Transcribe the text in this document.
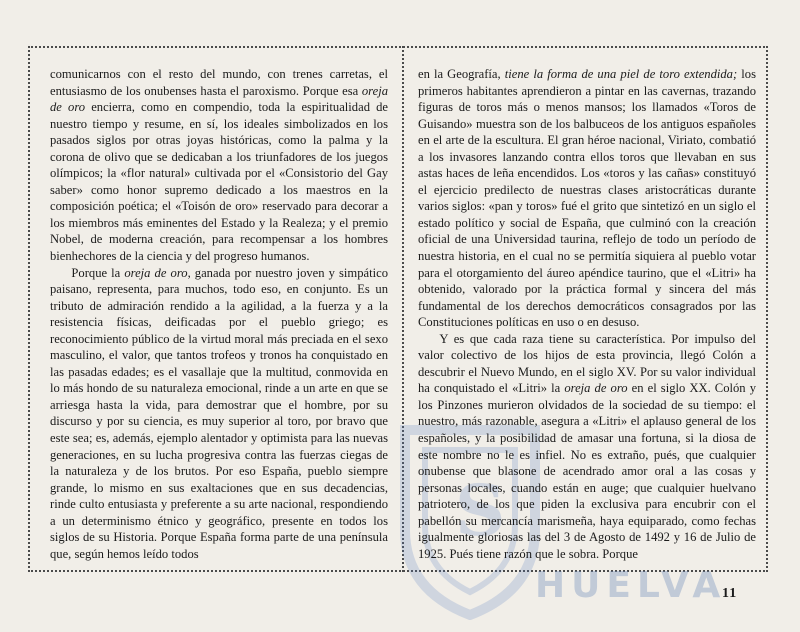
S
HUELVA

comunicarnos con el resto del mundo, con trenes carretas, el entusiasmo de los onubenses hasta el paroxismo. Porque esa oreja de oro encierra, como en compendio, toda la espiritualidad de nuestro tiempo y resume, en sí, los ideales simbolizados en los pasados siglos por otras joyas históricas, como la palma y la corona de olivo que se dedicaban a los triunfadores de los juegos olímpicos; la «flor natural» cultivada por el «Consistorio del Gay saber» como honor supremo dedicado a los maestros en la composición poética; el «Toisón de oro» reservado para decorar a los miembros más eminentes del Estado y la Realeza; y el premio Nobel, de moderna creación, para recompensar a los hombres bienhechores de la ciencia y del progreso humanos.

Porque la oreja de oro, ganada por nuestro joven y simpático paisano, representa, para muchos, todo eso, en conjunto. Es un tributo de admiración rendido a la agilidad, a la fuerza y a la resistencia físicas, deificadas por el pueblo griego; es reconocimiento público de la virtud moral más preciada en el sexo masculino, el valor, que tantos trofeos y tronos ha conquistado en las pasadas edades; es el vasallaje que la multitud, conmovida en lo más hondo de su naturaleza emocional, rinde a un arte en que se arriesga hasta la vida, para demostrar que el hombre, por su discurso y por su ciencia, es muy superior al toro, por bravo que este sea; es, además, ejemplo alentador y optimista para las nuevas generaciones, en su lucha progresiva contra las fuerzas ciegas de la naturaleza y de los brutos. Por eso España, pueblo siempre grande, lo mismo en sus exaltaciones que en sus decadencias, rinde culto entusiasta y preferente a su arte nacional, respondiendo a un determinismo étnico y geográfico, presente en todos los siglos de su Historia. Porque España forma parte de una península que, según hemos leído todos

en la Geografía, tiene la forma de una piel de toro extendida; los primeros habitantes aprendieron a pintar en las cavernas, trazando figuras de toros más o menos mansos; los llamados «Toros de Guisando» muestra son de los balbuceos de los antiguos españoles en el arte de la escultura. El gran héroe nacional, Viriato, combatió a los invasores lanzando contra ellos toros que llevaban en sus astas haces de leña encendidos. Los «toros y las cañas» constituyó el ejercicio predilecto de nuestras clases aristocráticas durante varios siglos: «pan y toros» fué el grito que sintetizó en un siglo el estado político y social de España, que culminó con la creación oficial de una Universidad taurina, reflejo de todo un período de nuestra historia, en el cual no se permitía siquiera al pueblo votar para el otorgamiento del áureo apéndice taurino, que el «Litri» ha obtenido, valorado por la práctica formal y sincera del más fundamental de los derechos democráticos consagrados por las Constituciones políticas en uso o en desuso.

Y es que cada raza tiene su característica. Por impulso del valor colectivo de los hijos de esta provincia, llegó Colón a descubrir el Nuevo Mundo, en el siglo XV. Por su valor individual ha conquistado el «Litri» la oreja de oro en el siglo XX. Colón y los Pinzones murieron olvidados de la sociedad de su tiempo: el nuestro, más razonable, asegura a «Litri» el aplauso general de los españoles, y la posibilidad de amasar una fortuna, si la diosa de este nombre no le es infiel. No es extraño, pués, que cualquier onubense que blasone de acendrado amor oral a las cosas y personas locales, cuando están en auge; que cualquier huelvano patriotero, de los que piden la exclusiva para encubrir con el pabellón su mercancía marismeña, haya equiparado, como fechas igualmente gloriosas las del 3 de Agosto de 1492 y 16 de Julio de 1925. Pués tiene razón que le sobra. Porque

11
